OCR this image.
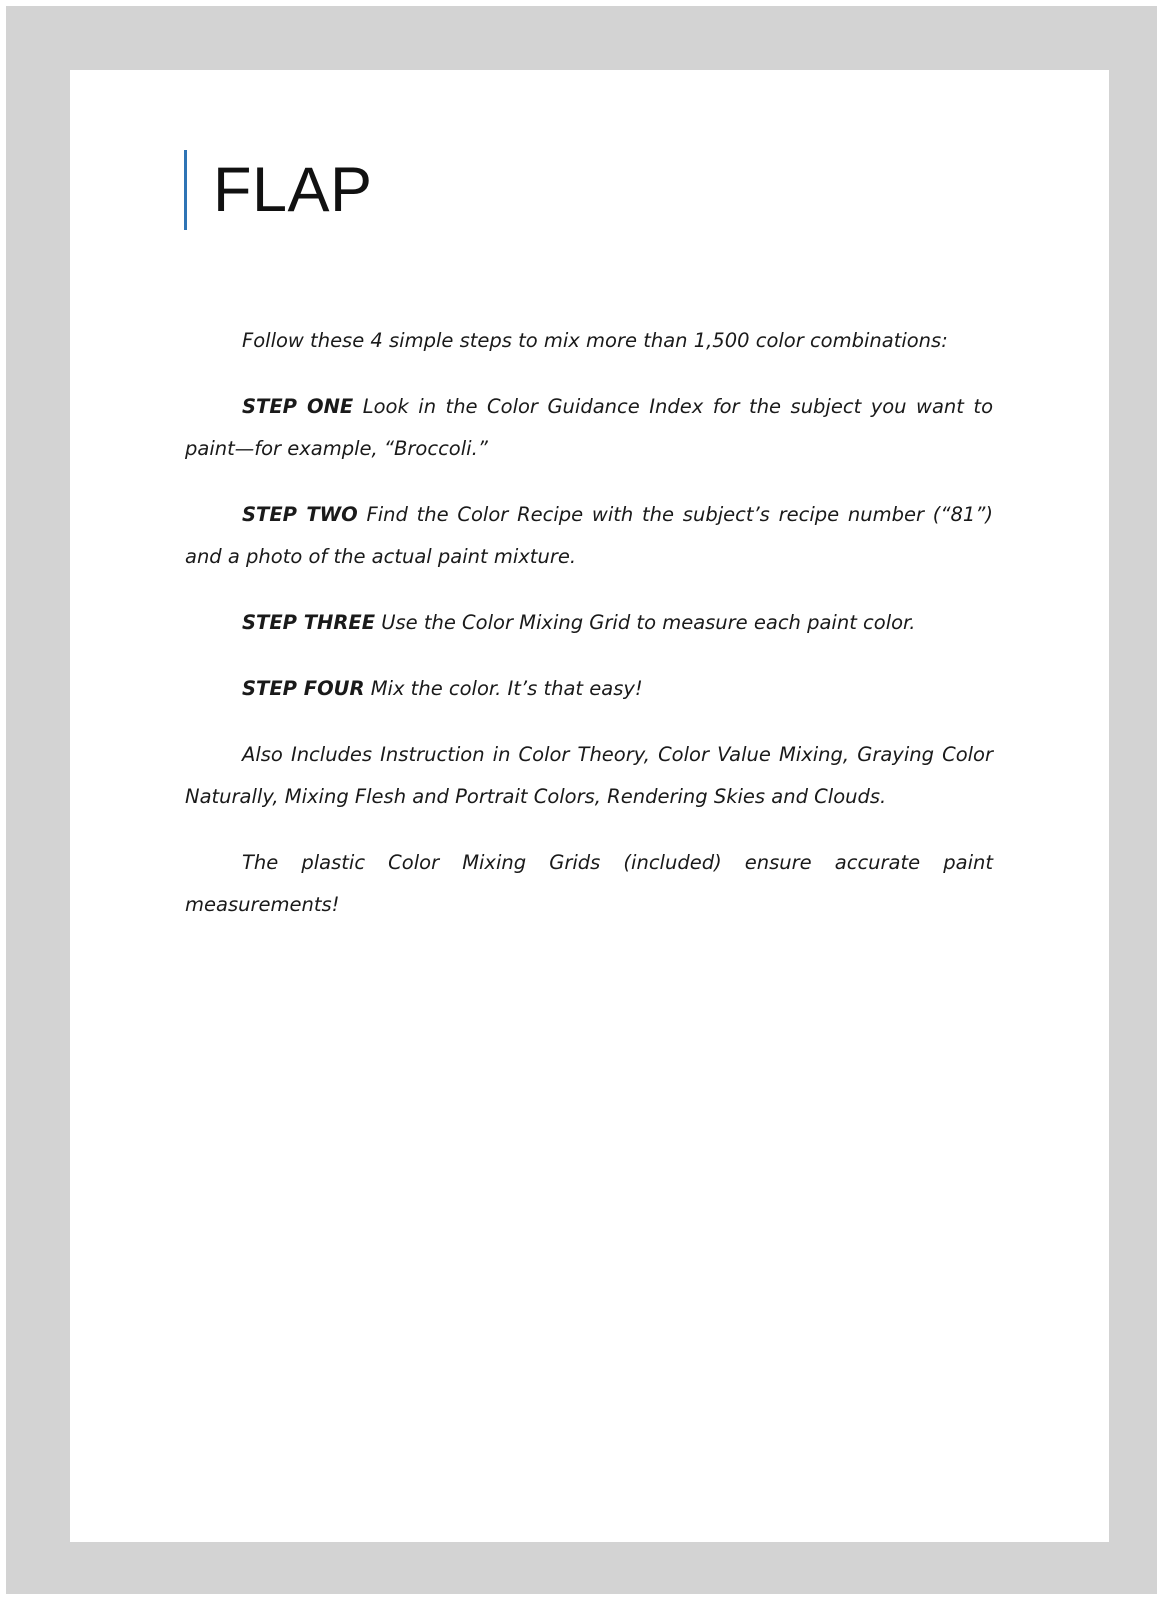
FLAP

Follow these 4 simple steps to mix more than 1,500 color combinations:

STEP ONE Look in the Color Guidance Index for the subject you want to paint—for example, “Broccoli.”

STEP TWO Find the Color Recipe with the subject’s recipe number (“81”) and a photo of the actual paint mixture.

STEP THREE Use the Color Mixing Grid to measure each paint color.

STEP FOUR Mix the color. It’s that easy!

Also Includes Instruction in Color Theory, Color Value Mixing, Graying Color Naturally, Mixing Flesh and Portrait Colors, Rendering Skies and Clouds.

The plastic Color Mixing Grids (included) ensure accurate paint measurements!
